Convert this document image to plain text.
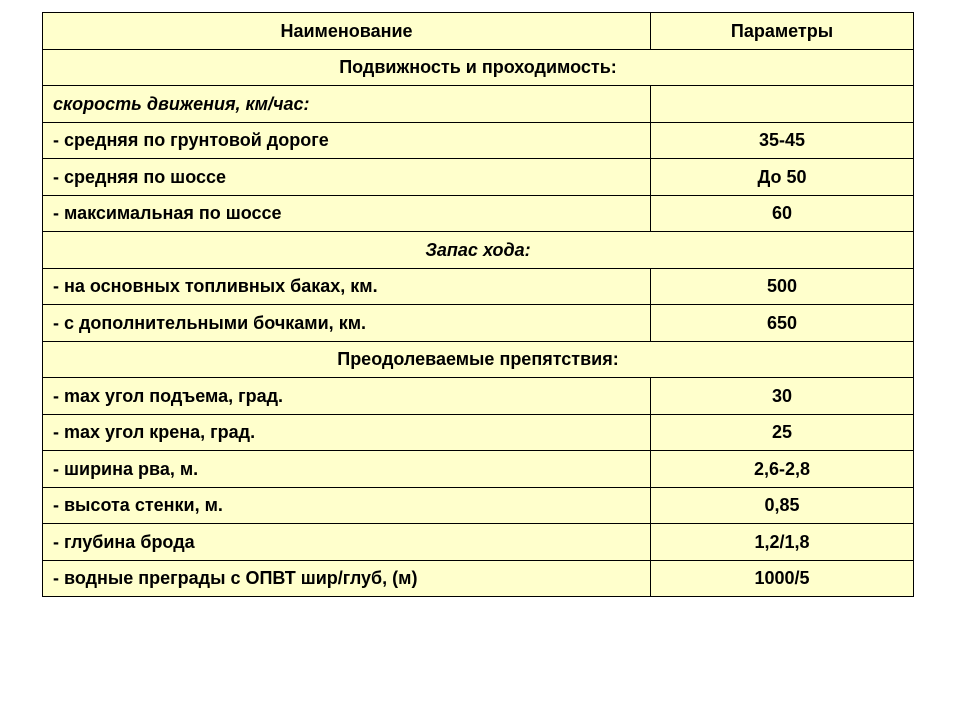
Наименование	Параметры
Подвижность и проходимость:	
скорость движения, км/час:	
- средняя по грунтовой дороге	35-45
- средняя по шоссе	До 50
- максимальная по шоссе	60
Запас хода:	
- на основных топливных баках, км.	500
- с дополнительными бочками, км.	650
Преодолеваемые препятствия:	
- max угол подъема, град.	30
- max угол крена, град.	25
- ширина рва, м.	2,6-2,8
- высота стенки, м.	0,85
- глубина брода	1,2/1,8
- водные преграды с ОПВТ шир/глуб, (м)	1000/5
